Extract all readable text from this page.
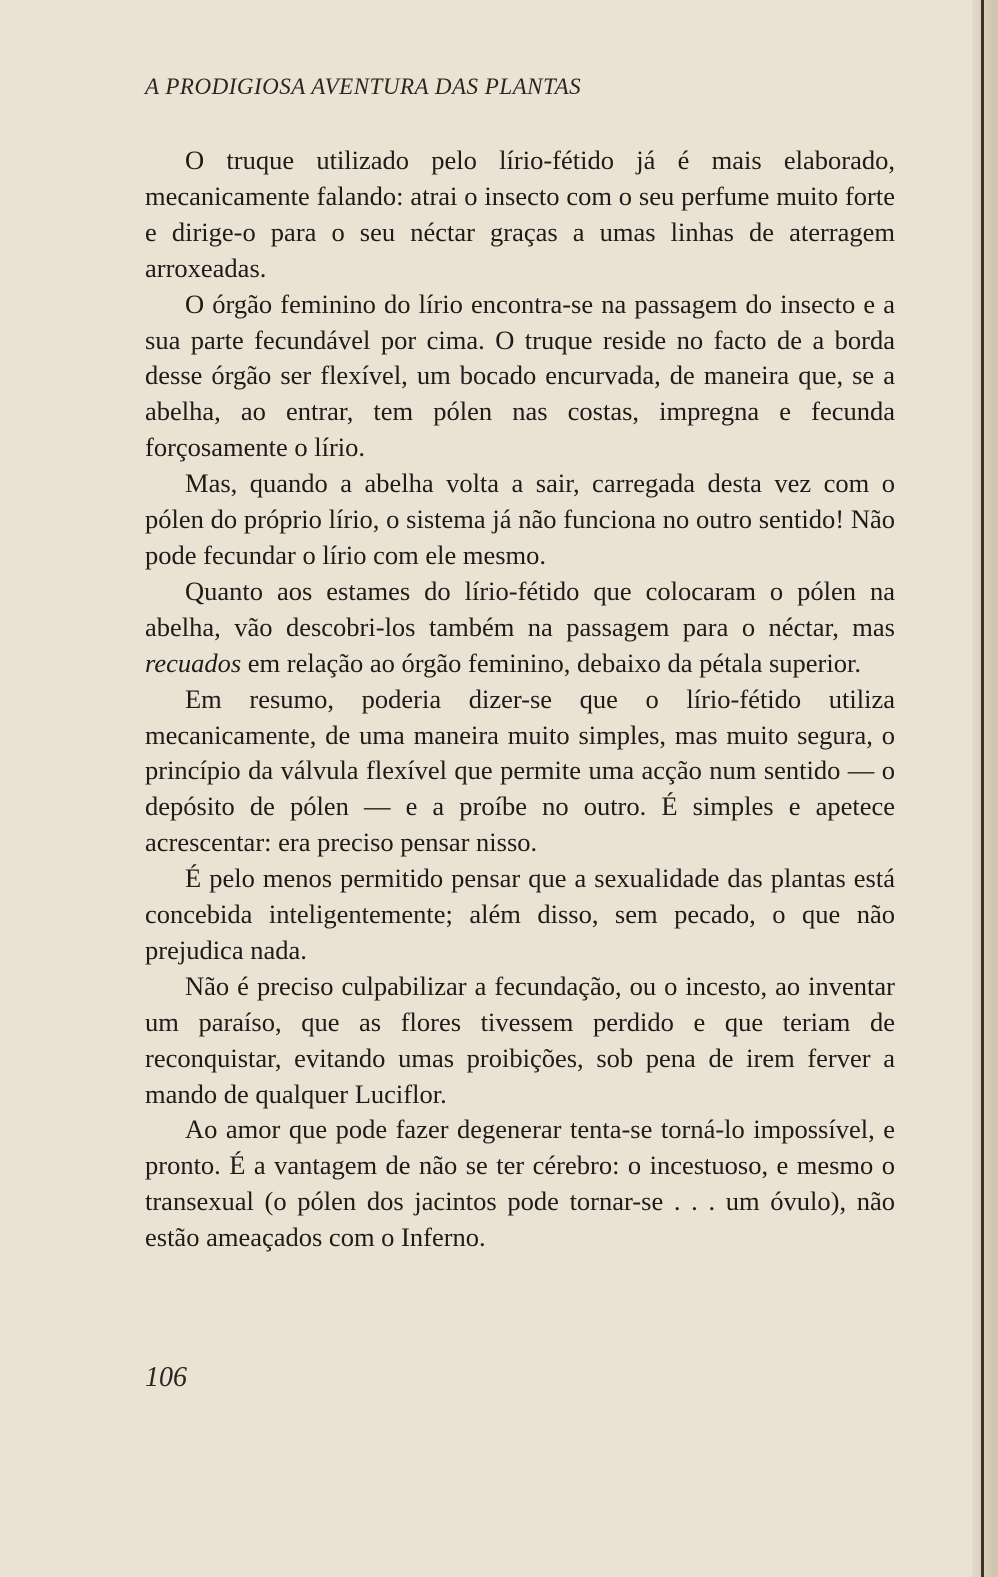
A PRODIGIOSA AVENTURA DAS PLANTAS

O truque utilizado pelo lírio-fétido já é mais elaborado, mecanicamente falando: atrai o insecto com o seu perfume muito forte e dirige-o para o seu néctar graças a umas linhas de aterragem arroxeadas.

O órgão feminino do lírio encontra-se na passagem do insecto e a sua parte fecundável por cima. O truque reside no facto de a borda desse órgão ser flexível, um bocado encurvada, de maneira que, se a abelha, ao entrar, tem pólen nas costas, impregna e fecunda forçosamente o lírio.

Mas, quando a abelha volta a sair, carregada desta vez com o pólen do próprio lírio, o sistema já não funciona no outro sentido! Não pode fecundar o lírio com ele mesmo.

Quanto aos estames do lírio-fétido que colocaram o pólen na abelha, vão descobri-los também na passagem para o néctar, mas recuados em relação ao órgão feminino, debaixo da pétala superior.

Em resumo, poderia dizer-se que o lírio-fétido utiliza mecanicamente, de uma maneira muito simples, mas muito segura, o princípio da válvula flexível que permite uma acção num sentido — o depósito de pólen — e a proíbe no outro. É simples e apetece acrescentar: era preciso pensar nisso.

É pelo menos permitido pensar que a sexualidade das plantas está concebida inteligentemente; além disso, sem pecado, o que não prejudica nada.

Não é preciso culpabilizar a fecundação, ou o incesto, ao inventar um paraíso, que as flores tivessem perdido e que teriam de reconquistar, evitando umas proibições, sob pena de irem ferver a mando de qualquer Luciflor.

Ao amor que pode fazer degenerar tenta-se torná-lo impossível, e pronto. É a vantagem de não se ter cérebro: o incestuoso, e mesmo o transexual (o pólen dos jacintos pode tornar-se . . . um óvulo), não estão ameaçados com o Inferno.

106
